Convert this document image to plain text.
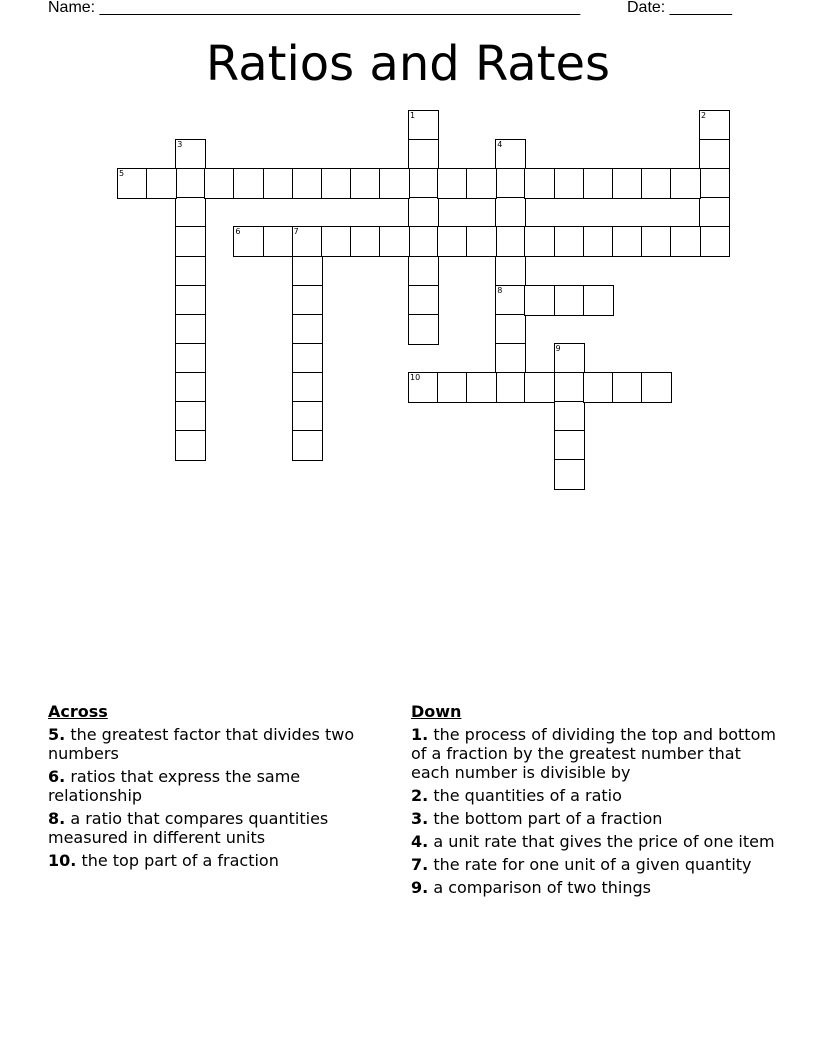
Name: ______________________________________________________	Date: _______
Ratios and Rates
1	2
3	4
5
6	7
8
9
10
Across
5. the greatest factor that divides two numbers
6. ratios that express the same relationship
8. a ratio that compares quantities measured in different units
10. the top part of a fraction
Down
1. the process of dividing the top and bottom of a fraction by the greatest number that each number is divisible by
2. the quantities of a ratio
3. the bottom part of a fraction
4. a unit rate that gives the price of one item
7. the rate for one unit of a given quantity
9. a comparison of two things
